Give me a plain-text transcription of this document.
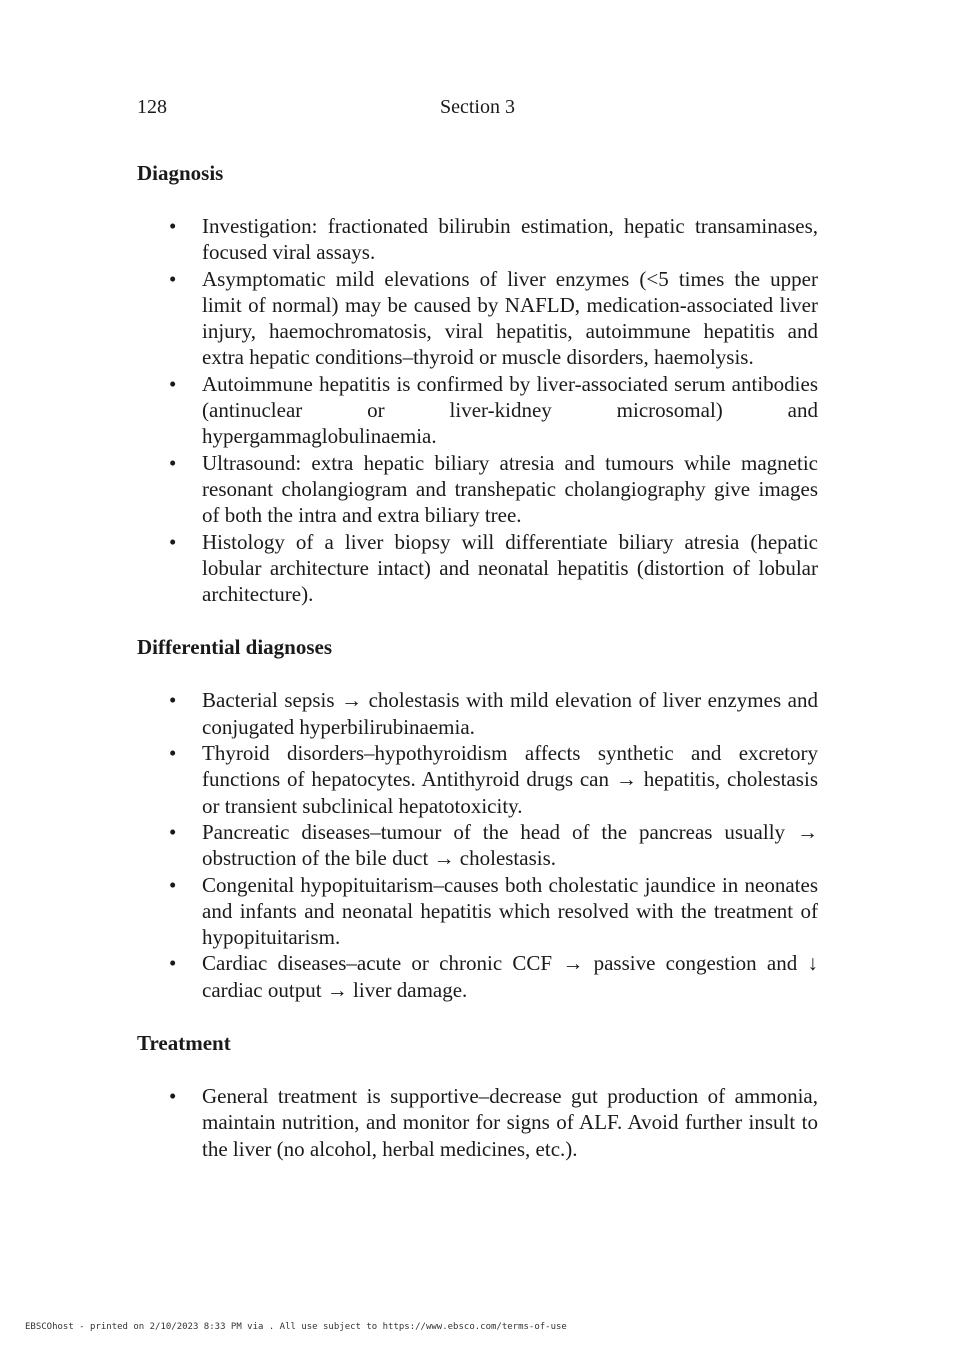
128	Section 3
Diagnosis
• Investigation: fractionated bilirubin estimation, hepatic transaminases, focused viral assays.
• Asymptomatic mild elevations of liver enzymes (<5 times the upper limit of normal) may be caused by NAFLD, medication-associated liver injury, haemochromatosis, viral hepatitis, autoimmune hepatitis and extra hepatic conditions–thyroid or muscle disorders, haemolysis.
• Autoimmune hepatitis is confirmed by liver-associated serum antibodies (antinuclear or liver-kidney microsomal) and hypergammaglobulinaemia.
• Ultrasound: extra hepatic biliary atresia and tumours while magnetic resonant cholangiogram and transhepatic cholangiography give images of both the intra and extra biliary tree.
• Histology of a liver biopsy will differentiate biliary atresia (hepatic lobular architecture intact) and neonatal hepatitis (distortion of lobular architecture).
Differential diagnoses
• Bacterial sepsis → cholestasis with mild elevation of liver enzymes and conjugated hyperbilirubinaemia.
• Thyroid disorders–hypothyroidism affects synthetic and excretory functions of hepatocytes. Antithyroid drugs can → hepatitis, cholestasis or transient subclinical hepatotoxicity.
• Pancreatic diseases–tumour of the head of the pancreas usually → obstruction of the bile duct → cholestasis.
• Congenital hypopituitarism–causes both cholestatic jaundice in neonates and infants and neonatal hepatitis which resolved with the treatment of hypopituitarism.
• Cardiac diseases–acute or chronic CCF → passive congestion and ↓ cardiac output → liver damage.
Treatment
• General treatment is supportive–decrease gut production of ammonia, maintain nutrition, and monitor for signs of ALF. Avoid further insult to the liver (no alcohol, herbal medicines, etc.).
EBSCOhost - printed on 2/10/2023 8:33 PM via . All use subject to https://www.ebsco.com/terms-of-use
